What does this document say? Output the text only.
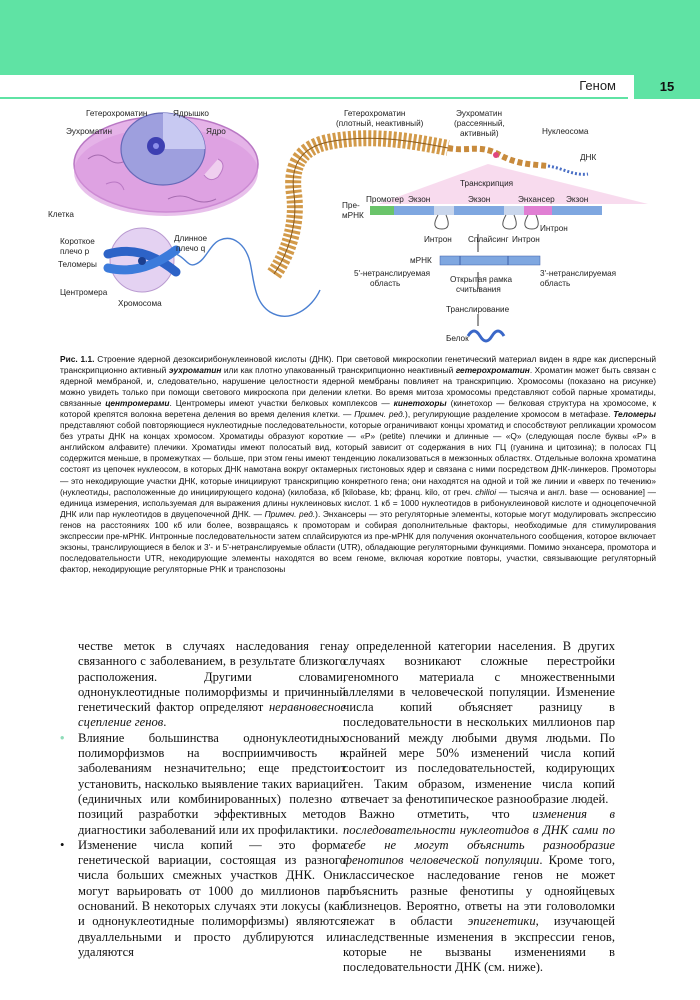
Геном	15
Гетерохроматин	Ядрышко
Эухроматин	Ядро
Клетка
Короткое
плечо p
Длинное
плечо q
Теломеры
Центромера
Хромосома
Гетерохроматин
(плотный, неактивный)
Эухроматин
(рассеянный,
активный)	Нуклеосома
ДНК
Транскрипция
Пре-
мРНК
Промотер Экзон	Экзон	Энхансер Экзон
Интрон Сплайсинг Интрон
Интрон
мРНК
5'-нетранслируемая
область
3'-нетранслируемая
область
Открытая рамка
считывания
Транслирование
Белок
Рис. 1.1. Строение ядерной дезоксирибонуклеиновой кислоты (ДНК). При световой микроскопии генетический материал виден в ядре как дисперсный транскрипционно активный эухроматин или как плотно упакованный транскрипционно неактивный гетерохроматин. Хроматин может быть связан с ядерной мембраной, и, следовательно, нарушение целостности ядерной мембраны повлияет на транскрипцию. Хромосомы (показано на рисунке) можно увидеть только при помощи светового микроскопа при делении клетки. Во время митоза хромосомы представляют собой парные хроматиды, связанные центромерами. Центромеры имеют участки белковых комплексов — кинетохоры (кинетохор — белковая структура на хромосоме, к которой крепятся волокна веретена деления во время деления клетки. — Примеч. ред.), регулирующие разделение хромосом в метафазе. Теломеры представляют собой повторяющиеся нуклеотидные последовательности, которые ограничивают концы хроматид и способствуют репликации хромосом без утраты ДНК на концах хромосом. Хроматиды образуют короткие — «P» (petite) плечики и длинные — «Q» (следующая после буквы «P» в английском алфавите) плечики. Хроматиды имеют полосатый вид, который зависит от содержания в них ГЦ (гуанина и цитозина); в полосах ГЦ содержится меньше, в промежутках — больше, при этом гены имеют тенденцию локализоваться в межзонных областях. Отдельные волокна хроматина состоят из цепочек нуклеосом, в которых ДНК намотана вокруг октамерных гистоновых ядер и связана с ними посредством ДНК-линкеров. Промоторы — это некодирующие участки ДНК, которые инициируют транскрипцию конкретного гена; они находятся на одной и той же линии и «вверх по течению» (нуклеотиды, расположенные до инициирующего кодона) (килобаза, кб [kilobase, kb; франц. kilo, от греч. chilioi — тысяча и англ. base — основание] — единица измерения, используемая для выражения длины нуклеиновых кислот. 1 кб = 1000 нуклеотидов в рибонуклеиновой кислоте и одноцепочечной ДНК или пар нуклеотидов в двуцепочечной ДНК. — Примеч. ред.). Энхансеры — это регуляторные элементы, которые могут модулировать экспрессию генов на расстояниях 100 кб или более, возвращаясь к промоторам и собирая дополнительные факторы, необходимые для стимулирования экспрессии пре-мРНК. Интронные последовательности затем сплайсируются из пре-мРНК для получения окончательного сообщения, которое включает экзоны, транслирующиеся в белок и 3'- и 5'-нетранслируемые области (UTR), обладающие регуляторными функциями. Помимо энхансера, промотора и последовательности UTR, некодирующие элементы находятся во всем геноме, включая короткие повторы, участки, связывающие регуляторный фактор, некодирующие регуляторные РНК и транспозоны

честве меток в случаях наследования гена, связанного с заболеванием, в результате близкого расположения. Другими словами, однонуклеотидные полиморфизмы и причинный генетический фактор определяют неравновесное сцепление генов.

• Влияние большинства однонуклеотидных полиморфизмов на восприимчивость к заболеваниям незначительно; еще предстоит установить, насколько выявление таких вариаций (единичных или комбинированных) полезно с позиций разработки эффективных методов диагностики заболеваний или их профилактики.

• Изменение числа копий — это форма генетической вариации, состоящая из разного числа больших смежных участков ДНК. Они могут варьировать от 1000 до миллионов пар оснований. В некоторых случаях эти локусы (как и однонуклеотидные полиморфизмы) являются двуаллельными и просто дублируются или удаляются

у определенной категории населения. В других случаях возникают сложные перестройки геномного материала с множественными аллелями в человеческой популяции. Изменение числа копий объясняет разницу в последовательности в нескольких миллионов пар оснований между любыми двумя людьми. По крайней мере 50% изменений числа копий состоит из последовательностей, кодирующих ген. Таким образом, изменение числа копий отвечает за фенотипическое разнообразие людей.

Важно отметить, что изменения в последовательности нуклеотидов в ДНК сами по себе не могут объяснить разнообразие фенотипов человеческой популяции. Кроме того, классическое наследование генов не может объяснить разные фенотипы у однояйцевых близнецов. Вероятно, ответы на эти головоломки лежат в области эпигенетики, изучающей наследственные изменения в экспрессии генов, которые не вызваны изменениями в последовательности ДНК (см. ниже).
